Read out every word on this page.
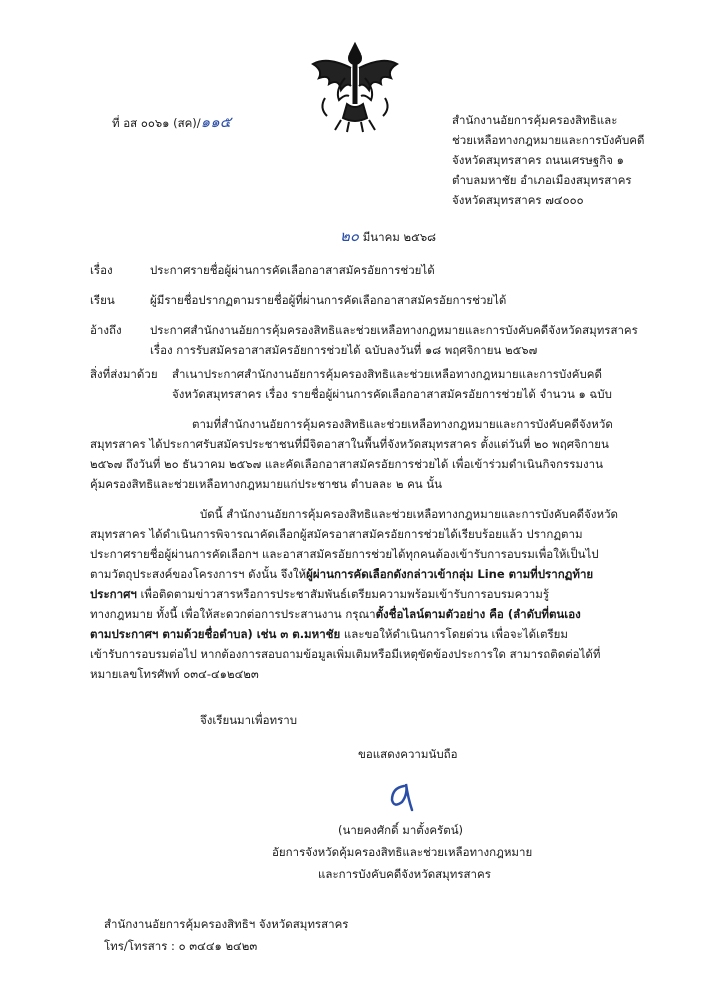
ที่ อส ๐๐๖๑ (สค)/๑๑๕	สำนักงานอัยการคุ้มครองสิทธิและ
ช่วยเหลือทางกฎหมายและการบังคับคดี
จังหวัดสมุทรสาคร ถนนเศรษฐกิจ ๑
ตำบลมหาชัย อำเภอเมืองสมุทรสาคร
จังหวัดสมุทรสาคร ๗๔๐๐๐
๒๐ มีนาคม ๒๕๖๘
เรื่อง	ประกาศรายชื่อผู้ผ่านการคัดเลือกอาสาสมัครอัยการช่วยได้
เรียน	ผู้มีรายชื่อปรากฏตามรายชื่อผู้ที่ผ่านการคัดเลือกอาสาสมัครอัยการช่วยได้
อ้างถึง ประกาศสำนักงานอัยการคุ้มครองสิทธิและช่วยเหลือทางกฎหมายและการบังคับคดีจังหวัดสมุทรสาคร
เรื่อง การรับสมัครอาสาสมัครอัยการช่วยได้ ฉบับลงวันที่ ๑๘ พฤศจิกายน ๒๕๖๗
สิ่งที่ส่งมาด้วย สำเนาประกาศสำนักงานอัยการคุ้มครองสิทธิและช่วยเหลือทางกฎหมายและการบังคับคดี
จังหวัดสมุทรสาคร เรื่อง รายชื่อผู้ผ่านการคัดเลือกอาสาสมัครอัยการช่วยได้ จำนวน ๑ ฉบับ
ตามที่สำนักงานอัยการคุ้มครองสิทธิและช่วยเหลือทางกฎหมายและการบังคับคดีจังหวัด
สมุทรสาคร ได้ประกาศรับสมัครประชาชนที่มีจิตอาสาในพื้นที่จังหวัดสมุทรสาคร ตั้งแต่วันที่ ๒๐ พฤศจิกายน
๒๕๖๗ ถึงวันที่ ๒๐ ธันวาคม ๒๕๖๗ และคัดเลือกอาสาสมัครอัยการช่วยได้ เพื่อเข้าร่วมดำเนินกิจกรรมงาน
คุ้มครองสิทธิและช่วยเหลือทางกฎหมายแก่ประชาชน ตำบลละ ๒ คน นั้น
บัดนี้ สำนักงานอัยการคุ้มครองสิทธิและช่วยเหลือทางกฎหมายและการบังคับคดีจังหวัด
สมุทรสาคร ได้ดำเนินการพิจารณาคัดเลือกผู้สมัครอาสาสมัครอัยการช่วยได้เรียบร้อยแล้ว ปรากฏตาม
ประกาศรายชื่อผู้ผ่านการคัดเลือกฯ และอาสาสมัครอัยการช่วยได้ทุกคนต้องเข้ารับการอบรมเพื่อให้เป็นไป
ตามวัตถุประสงค์ของโครงการฯ ดังนั้น จึงให้ผู้ผ่านการคัดเลือกดังกล่าวเข้ากลุ่ม Line ตามที่ปรากฏท้าย
ประกาศฯ เพื่อติดตามข่าวสารหรือการประชาสัมพันธ์เตรียมความพร้อมเข้ารับการอบรมความรู้
ทางกฎหมาย ทั้งนี้ เพื่อให้สะดวกต่อการประสานงาน กรุณาตั้งชื่อไลน์ตามตัวอย่าง คือ (ลำดับที่ตนเอง
ตามประกาศฯ ตามด้วยชื่อตำบล) เช่น ๓ ต.มหาชัย และขอให้ดำเนินการโดยด่วน เพื่อจะได้เตรียม
เข้ารับการอบรมต่อไป หากต้องการสอบถามข้อมูลเพิ่มเติมหรือมีเหตุขัดข้องประการใด สามารถติดต่อได้ที่
หมายเลขโทรศัพท์ ๐๓๔-๔๑๒๔๒๓
จึงเรียนมาเพื่อทราบ
ขอแสดงความนับถือ
(นายคงศักดิ์ มาตั้งครัตน์)
อัยการจังหวัดคุ้มครองสิทธิและช่วยเหลือทางกฎหมาย
และการบังคับคดีจังหวัดสมุทรสาคร
สำนักงานอัยการคุ้มครองสิทธิฯ จังหวัดสมุทรสาคร
โทร/โทรสาร : ๐ ๓๔๔๑ ๒๔๒๓
